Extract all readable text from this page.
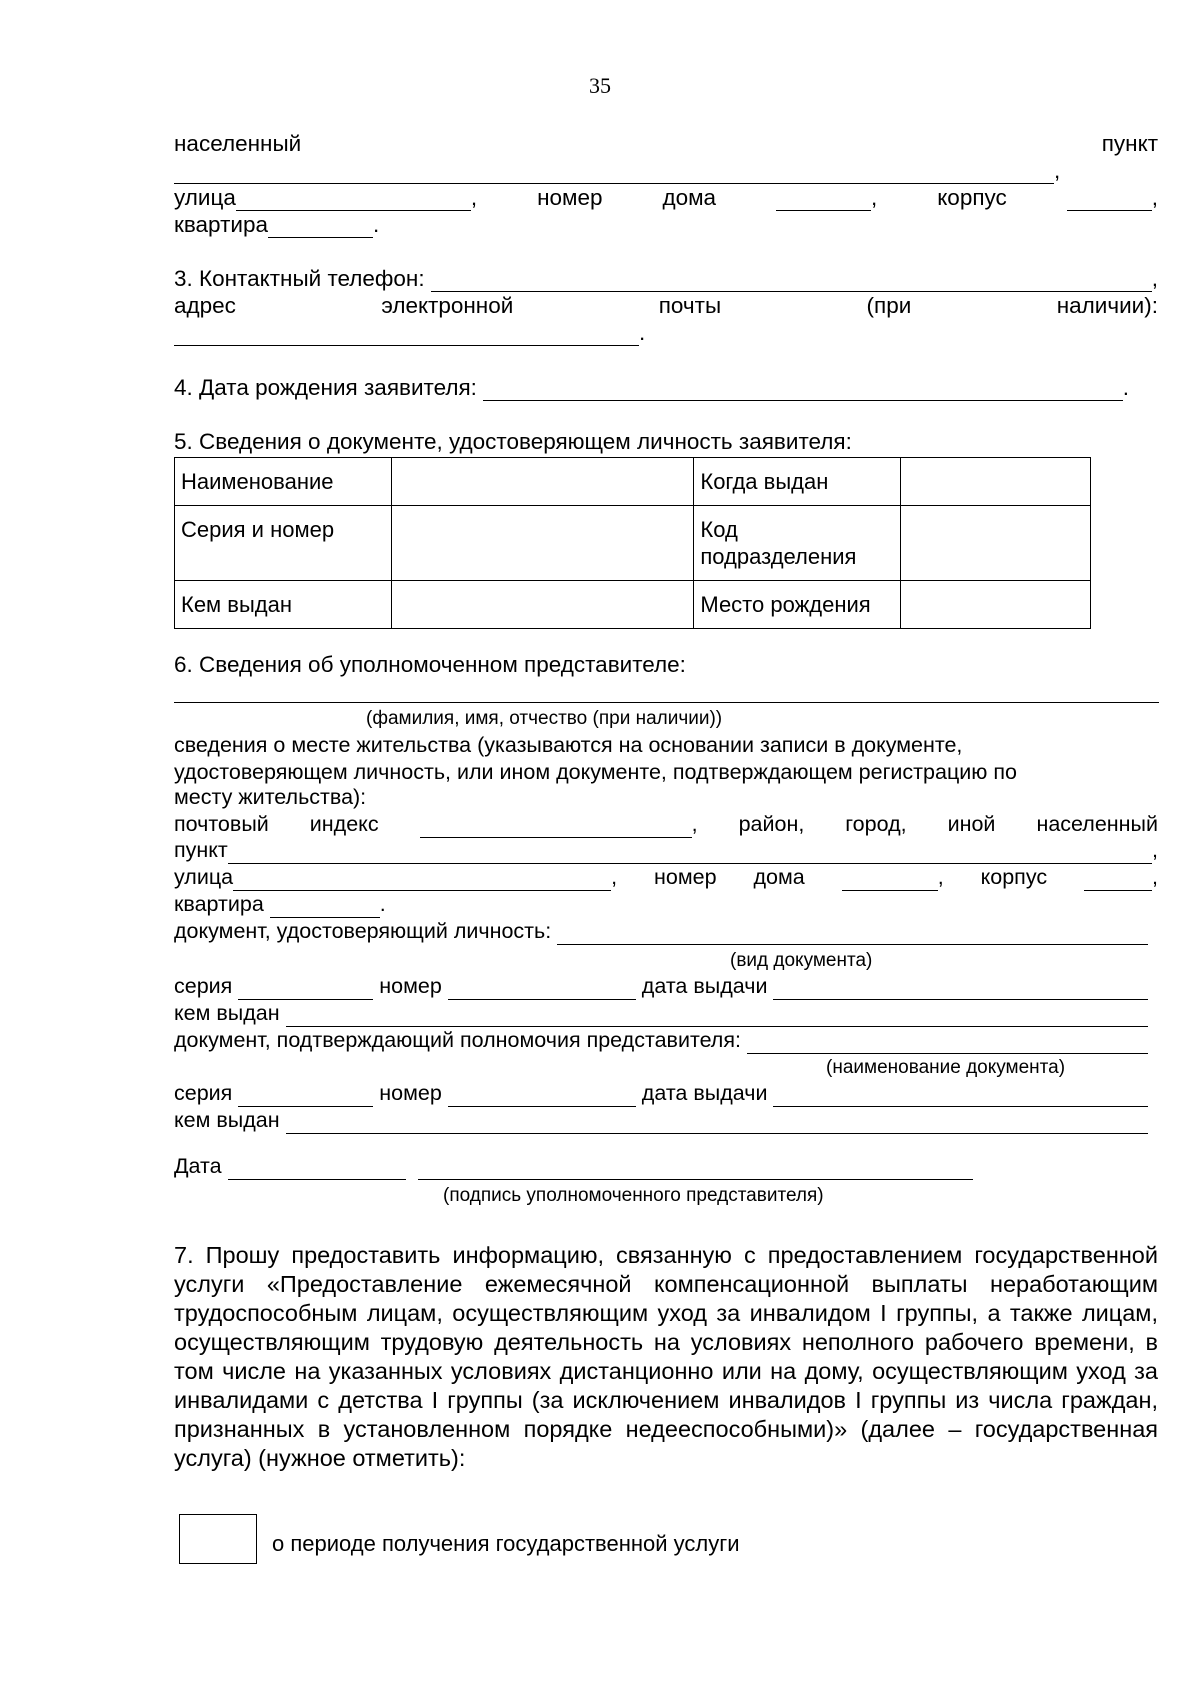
35
населенный	пункт
,
улица	,	номер	дома	,	корпус	,
квартира	.
3. Контактный телефон:
	,
адрес	электронной	почты	(при	наличии):
.
4. Дата рождения заявителя:
	.
5. Сведения о документе, удостоверяющем личность заявителя:
Наименование		Когда выдан	
Серия и номер		Код подразделения	
Кем выдан		Место рождения	
6. Сведения об уполномоченном представителе:
(фамилия, имя, отчество (при наличии))
сведения о месте жительства (указываются на основании записи в документе,
удостоверяющем личность, или ином документе, подтверждающем регистрацию по
месту жительства):
почтовый индекс	, район, город, иной населенный
пункт	,
улица	, номер дома	, корпус	,
квартира
	.
документ, удостоверяющий личность:

(вид документа)
серия

	номер

	дата выдачи

кем выдан

документ, подтверждающий полномочия представителя:

(наименование документа)
серия

	номер

	дата выдачи

кем выдан

Дата

(подпись уполномоченного представителя)
7. Прошу предоставить информацию, связанную с предоставлением государственной услуги «Предоставление ежемесячной компенсационной выплаты неработающим трудоспособным лицам, осуществляющим уход за инвалидом I группы, а также лицам, осуществляющим трудовую деятельность на условиях неполного рабочего времени, в том числе на указанных условиях дистанционно или на дому, осуществляющим уход за инвалидами с детства I группы (за исключением инвалидов I группы из числа граждан, признанных в установленном порядке недееспособными)» (далее – государственная услуга) (нужное отметить):
о периоде получения государственной услуги
